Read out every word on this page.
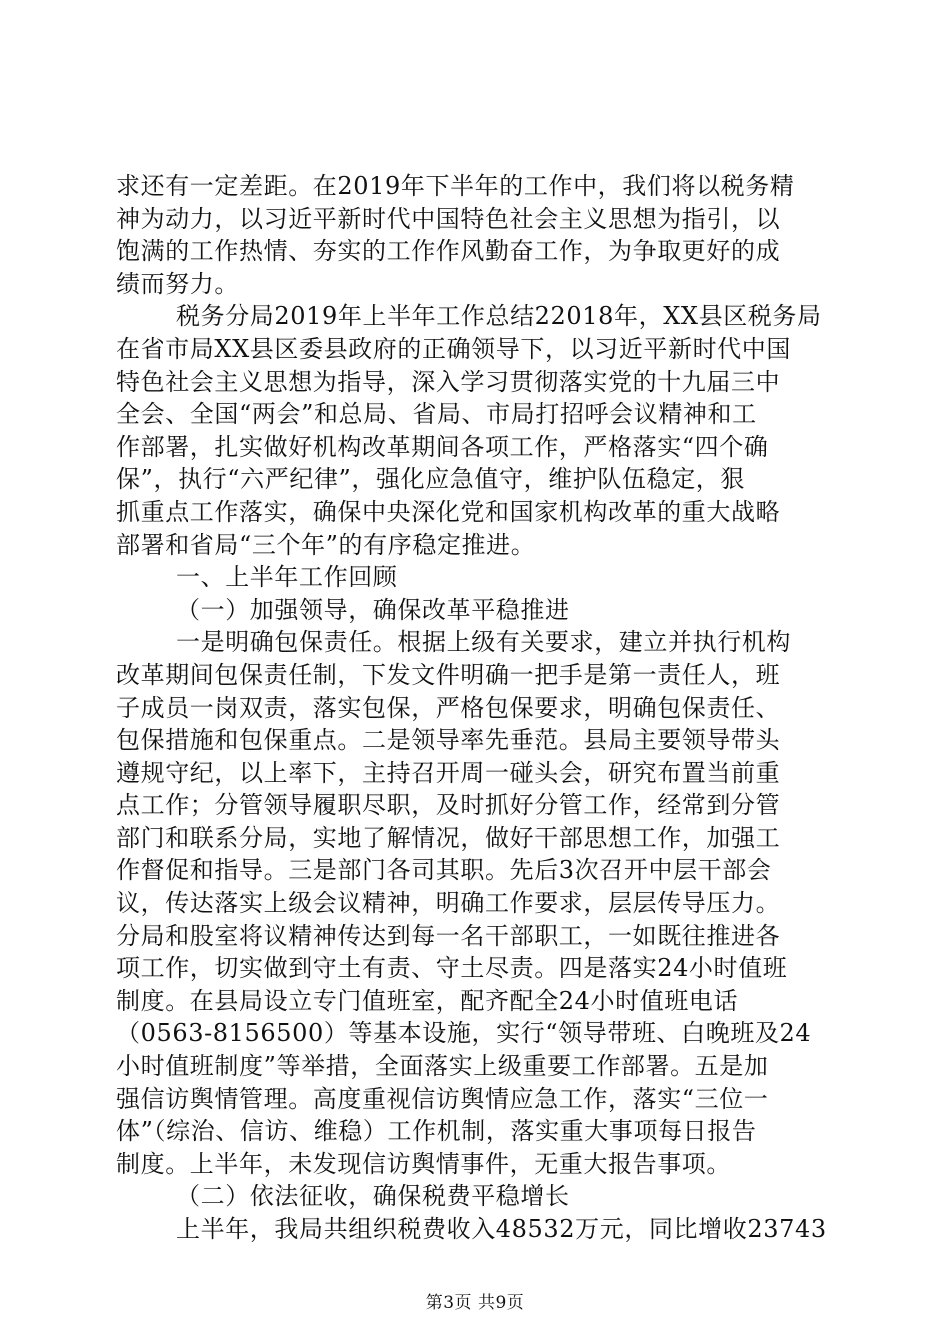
求还有一定差距。在2019年下半年的工作中，我们将以税务精
神为动力，以习近平新时代中国特色社会主义思想为指引，以
饱满的工作热情、夯实的工作作风勤奋工作，为争取更好的成
绩而努力。
税务分局2019年上半年工作总结22018年，XX县区税务局
在省市局XX县区委县政府的正确领导下，以习近平新时代中国
特色社会主义思想为指导，深入学习贯彻落实党的十九届三中
全会、全国“两会”和总局、省局、市局打招呼会议精神和工
作部署，扎实做好机构改革期间各项工作，严格落实“四个确
保”，执行“六严纪律”，强化应急值守，维护队伍稳定，狠
抓重点工作落实，确保中央深化党和国家机构改革的重大战略
部署和省局“三个年”的有序稳定推进。
一、上半年工作回顾
（一）加强领导，确保改革平稳推进
一是明确包保责任。根据上级有关要求，建立并执行机构
改革期间包保责任制，下发文件明确一把手是第一责任人，班
子成员一岗双责，落实包保，严格包保要求，明确包保责任、
包保措施和包保重点。二是领导率先垂范。县局主要领导带头
遵规守纪，以上率下，主持召开周一碰头会，研究布置当前重
点工作；分管领导履职尽职，及时抓好分管工作，经常到分管
部门和联系分局，实地了解情况，做好干部思想工作，加强工
作督促和指导。三是部门各司其职。先后3次召开中层干部会
议，传达落实上级会议精神，明确工作要求，层层传导压力。
分局和股室将议精神传达到每一名干部职工，一如既往推进各
项工作，切实做到守土有责、守土尽责。四是落实24小时值班
制度。在县局设立专门值班室，配齐配全24小时值班电话
（0563-8156500）等基本设施，实行“领导带班、白晚班及24
小时值班制度”等举措，全面落实上级重要工作部署。五是加
强信访舆情管理。高度重视信访舆情应急工作，落实“三位一
体”（综治、信访、维稳）工作机制，落实重大事项每日报告
制度。上半年，未发现信访舆情事件，无重大报告事项。
（二）依法征收，确保税费平稳增长
上半年，我局共组织税费收入48532万元，同比增收23743
第3页 共9页
